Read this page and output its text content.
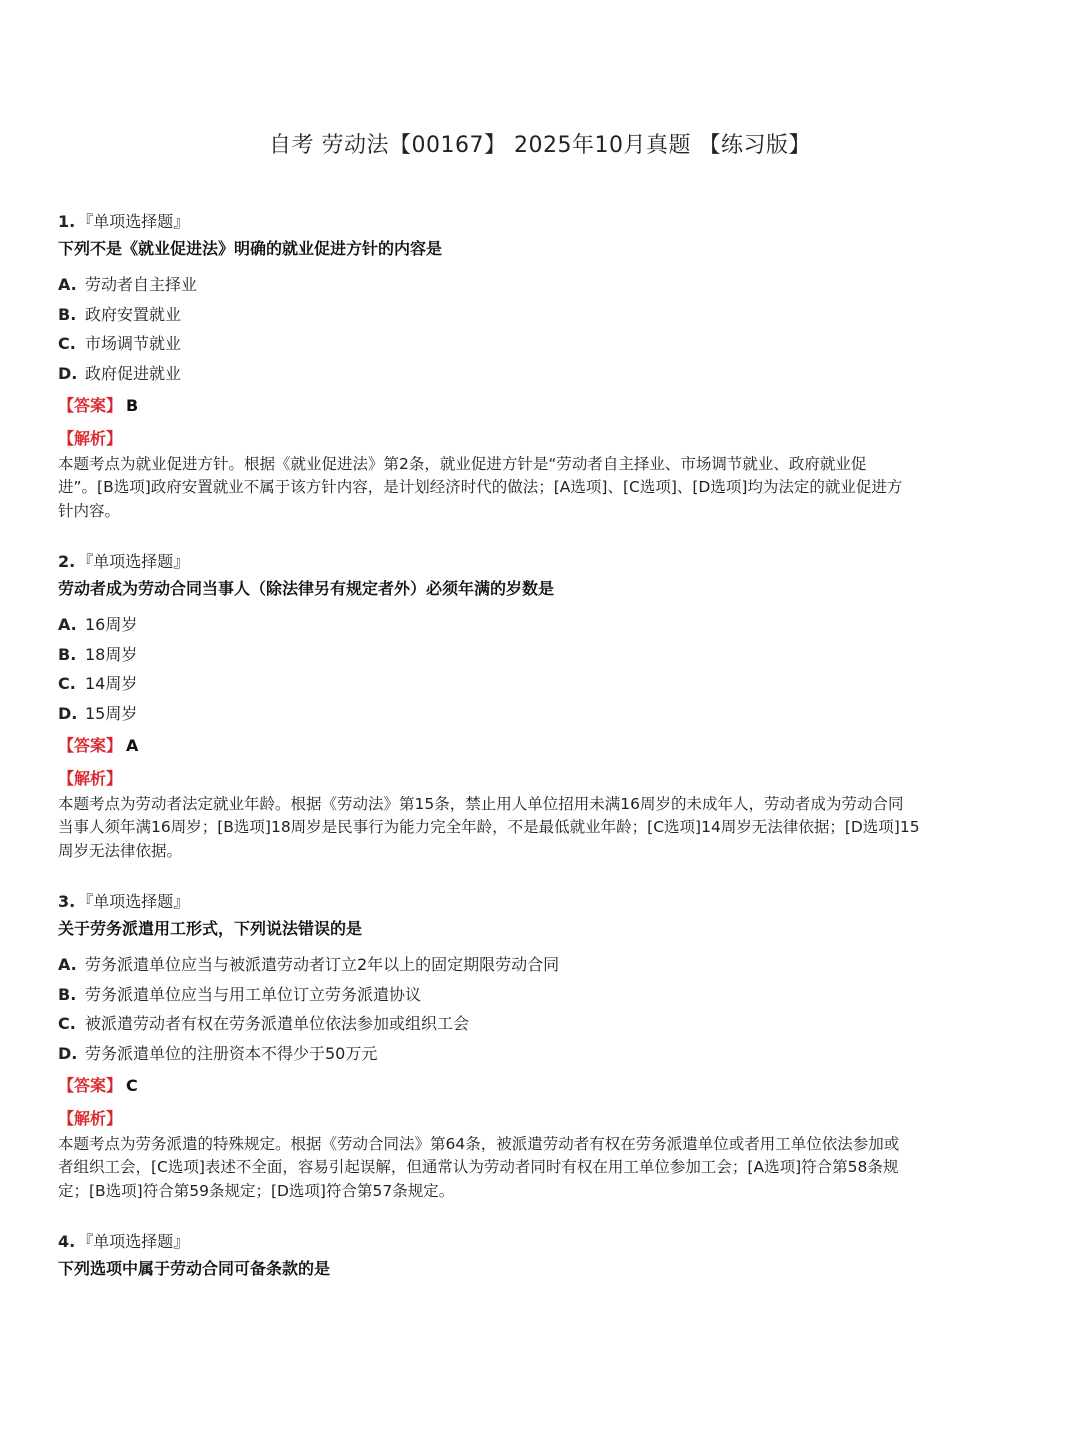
自考 劳动法【00167】 2025年10月真题 【练习版】
1. 『单项选择题』
下列不是《就业促进法》明确的就业促进方针的内容是
A. 劳动者自主择业
B. 政府安置就业
C. 市场调节就业
D. 政府促进就业
【答案】 B
【解析】
本题考点为就业促进方针。根据《就业促进法》第2条，就业促进方针是“劳动者自主择业、市场调节就业、政府就业促
进”。[B选项]政府安置就业不属于该方针内容，是计划经济时代的做法；[A选项]、[C选项]、[D选项]均为法定的就业促进方
针内容。
2. 『单项选择题』
劳动者成为劳动合同当事人（除法律另有规定者外）必须年满的岁数是
A. 16周岁
B. 18周岁
C. 14周岁
D. 15周岁
【答案】 A
【解析】
本题考点为劳动者法定就业年龄。根据《劳动法》第15条，禁止用人单位招用未满16周岁的未成年人，劳动者成为劳动合同
当事人须年满16周岁；[B选项]18周岁是民事行为能力完全年龄，不是最低就业年龄；[C选项]14周岁无法律依据；[D选项]15
周岁无法律依据。
3. 『单项选择题』
关于劳务派遣用工形式，下列说法错误的是
A. 劳务派遣单位应当与被派遣劳动者订立2年以上的固定期限劳动合同
B. 劳务派遣单位应当与用工单位订立劳务派遣协议
C. 被派遣劳动者有权在劳务派遣单位依法参加或组织工会
D. 劳务派遣单位的注册资本不得少于50万元
【答案】 C
【解析】
本题考点为劳务派遣的特殊规定。根据《劳动合同法》第64条，被派遣劳动者有权在劳务派遣单位或者用工单位依法参加或
者组织工会，[C选项]表述不全面，容易引起误解，但通常认为劳动者同时有权在用工单位参加工会；[A选项]符合第58条规
定；[B选项]符合第59条规定；[D选项]符合第57条规定。
4. 『单项选择题』
下列选项中属于劳动合同可备条款的是
